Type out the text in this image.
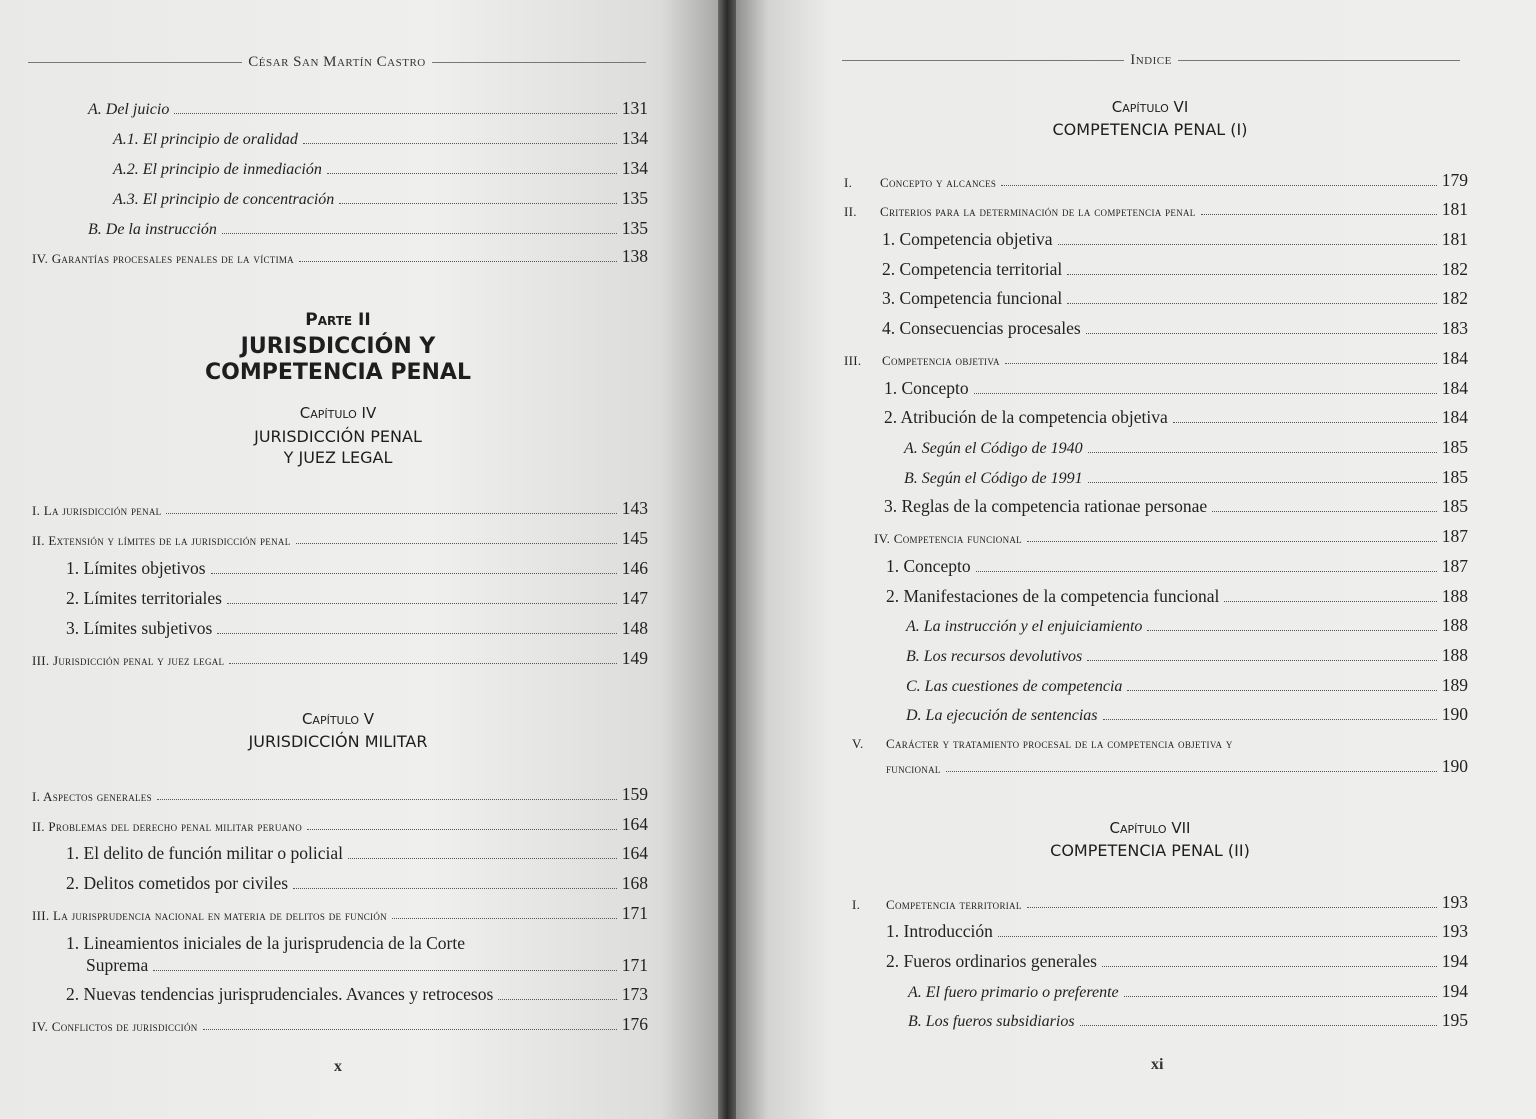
César San Martín Castro
A. Del juicio	131
A.1. El principio de oralidad	134
A.2. El principio de inmediación	134
A.3. El principio de concentración	135
B. De la instrucción	135
IV. Garantías procesales penales de la víctima	138
Parte II
JURISDICCIÓN Y
COMPETENCIA PENAL
Capítulo IV
JURISDICCIÓN PENAL
Y JUEZ LEGAL
I. La jurisdicción penal	143
II. Extensión y límites de la jurisdicción penal	145
1. Límites objetivos	146
2. Límites territoriales	147
3. Límites subjetivos	148
III. Jurisdicción penal y juez legal	149
Capítulo V
JURISDICCIÓN MILITAR
I. Aspectos generales	159
II. Problemas del derecho penal militar peruano	164
1. El delito de función militar o policial	164
2. Delitos cometidos por civiles	168
III. La jurisprudencia nacional en materia de delitos de función	171
1. Lineamientos iniciales de la jurisprudencia de la Corte
Suprema	171
2. Nuevas tendencias jurisprudenciales. Avances y retrocesos	173
IV. Conflictos de jurisdicción	176
x
Indice
Capítulo VI
COMPETENCIA PENAL (I)
I.	Concepto y alcances	179
II.	Criterios para la determinación de la competencia penal	181
1. Competencia objetiva	181
2. Competencia territorial	182
3. Competencia funcional	182
4. Consecuencias procesales	183
III.	Competencia objetiva	184
1. Concepto	184
2. Atribución de la competencia objetiva	184
A. Según el Código de 1940	185
B. Según el Código de 1991	185
3. Reglas de la competencia rationae personae	185
IV. Competencia funcional	187
1. Concepto	187
2. Manifestaciones de la competencia funcional	188
A. La instrucción y el enjuiciamiento	188
B. Los recursos devolutivos	188
C. Las cuestiones de competencia	189
D. La ejecución de sentencias	190
V.	Carácter y tratamiento procesal de la competencia objetiva y
funcional	190
Capítulo VII
COMPETENCIA PENAL (II)
I.	Competencia territorial	193
1. Introducción	193
2. Fueros ordinarios generales	194
A. El fuero primario o preferente	194
B. Los fueros subsidiarios	195
xi
